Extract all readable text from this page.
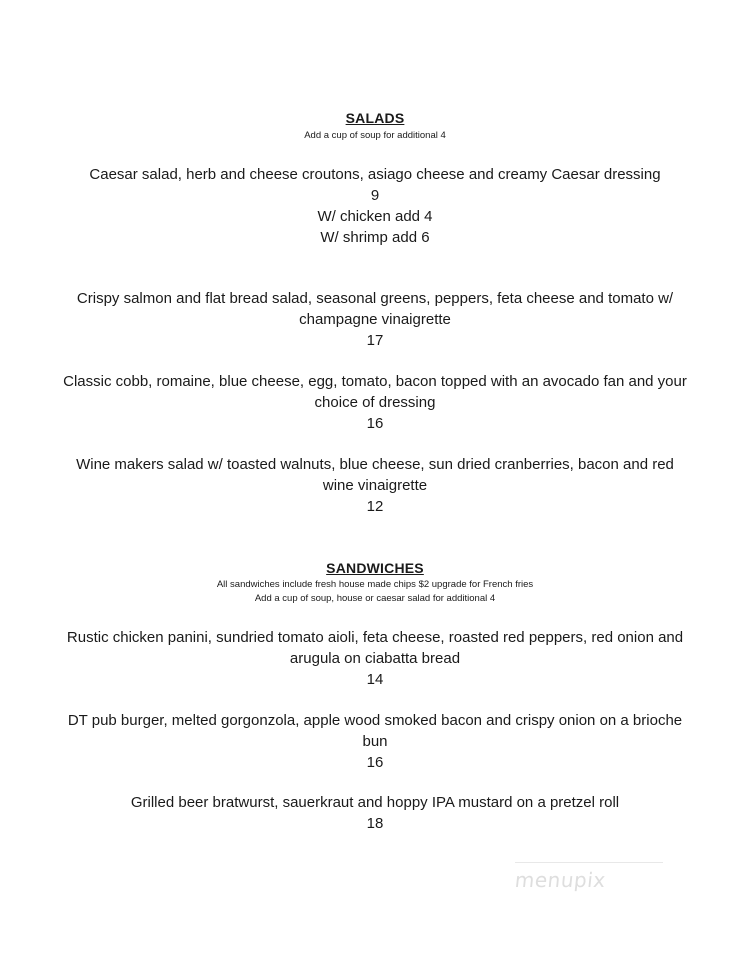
SALADS
Add a cup of soup for additional 4
Caesar salad, herb and cheese croutons, asiago cheese and creamy Caesar dressing
9
W/ chicken add 4
W/ shrimp add 6
Crispy salmon and flat bread salad, seasonal greens, peppers, feta cheese and tomato w/ champagne vinaigrette
17
Classic cobb, romaine, blue cheese, egg, tomato, bacon topped with an avocado fan and your choice of dressing
16
Wine makers salad w/ toasted walnuts, blue cheese, sun dried cranberries, bacon and red wine vinaigrette
12
SANDWICHES
All sandwiches include fresh house made chips $2 upgrade for French fries
Add a cup of soup, house or caesar salad for additional 4
Rustic chicken panini, sundried tomato aioli, feta cheese, roasted red peppers, red onion and arugula on ciabatta bread
14
DT pub burger, melted gorgonzola, apple wood smoked bacon and crispy onion on a brioche bun
16
Grilled beer bratwurst, sauerkraut and hoppy IPA mustard on a pretzel roll
18
menupix
